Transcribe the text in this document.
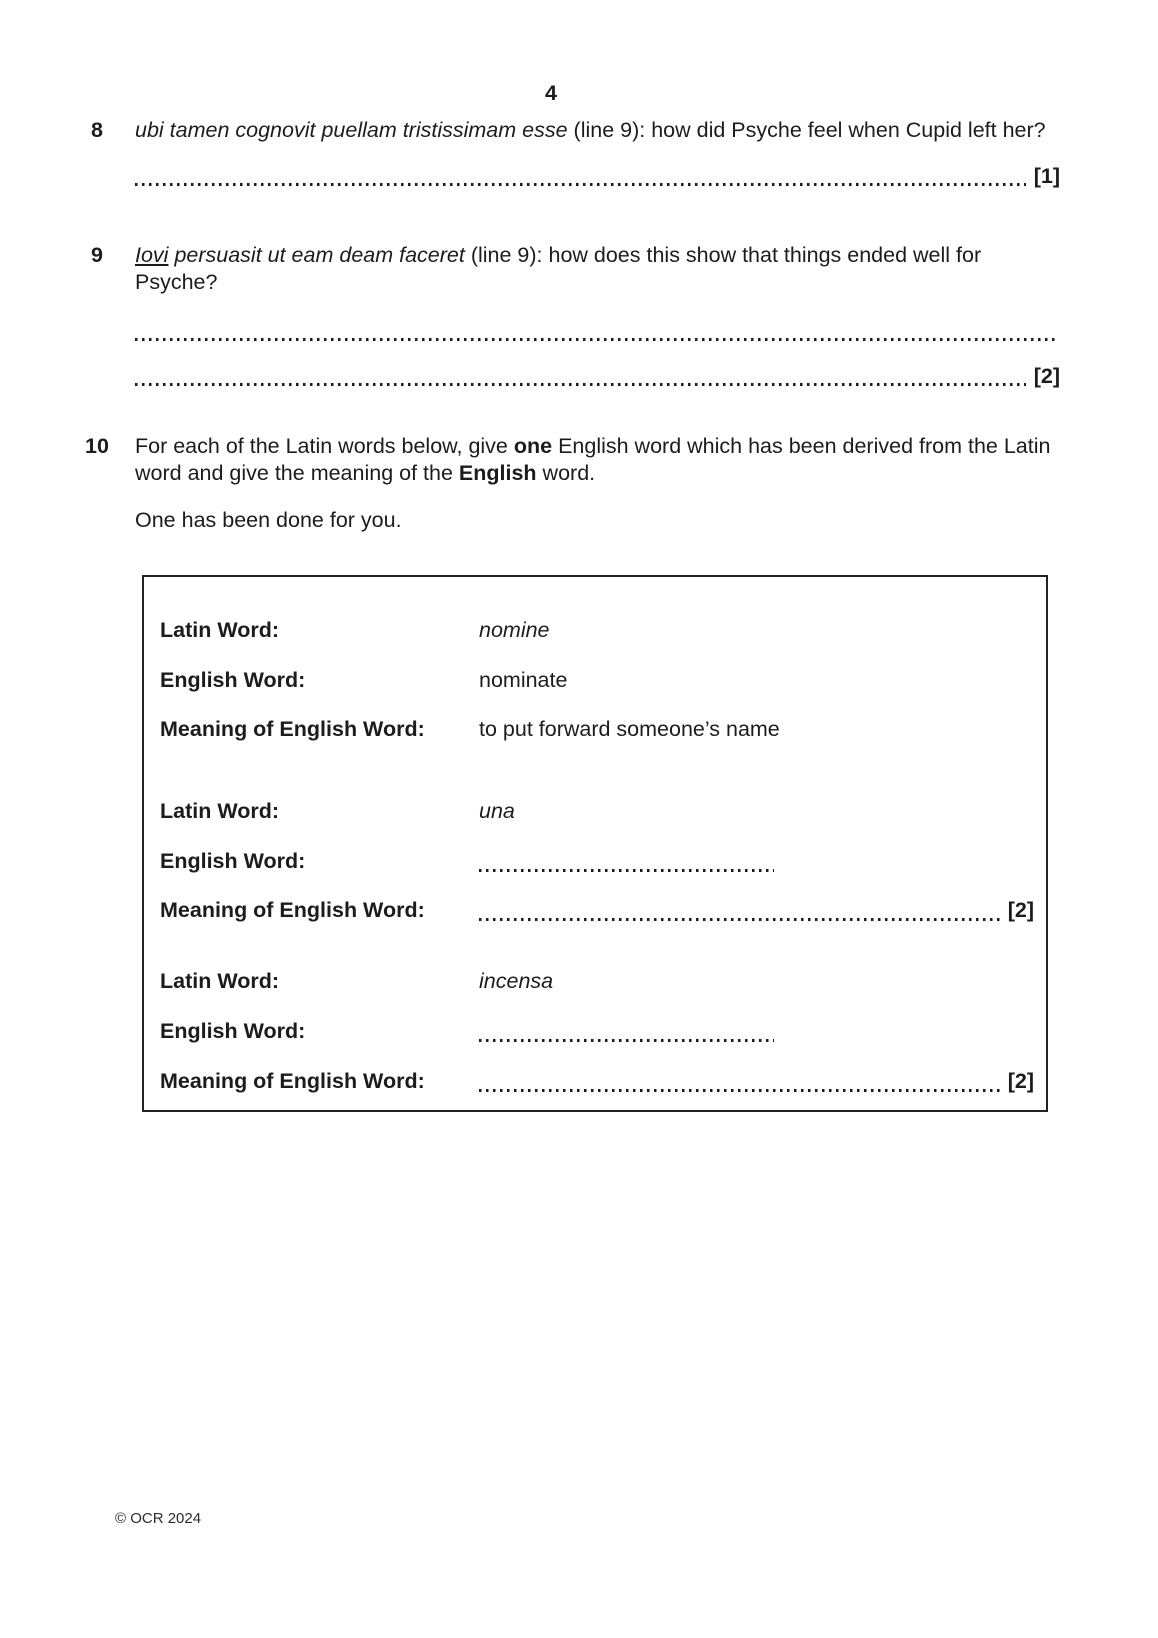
4
8 ubi tamen cognovit puellam tristissimam esse (line 9): how did Psyche feel when Cupid left her?
[1]
9 Iovi persuasit ut eam deam faceret (line 9): how does this show that things ended well for
Psyche?
[2]
10 For each of the Latin words below, give one English word which has been derived from the Latin
word and give the meaning of the English word.
One has been done for you.
Latin Word:	nomine
English Word:	nominate
Meaning of English Word:	to put forward someone’s name
Latin Word:	una
English Word:
Meaning of English Word:	[2]
Latin Word:	incensa
English Word:
Meaning of English Word:	[2]
© OCR 2024
